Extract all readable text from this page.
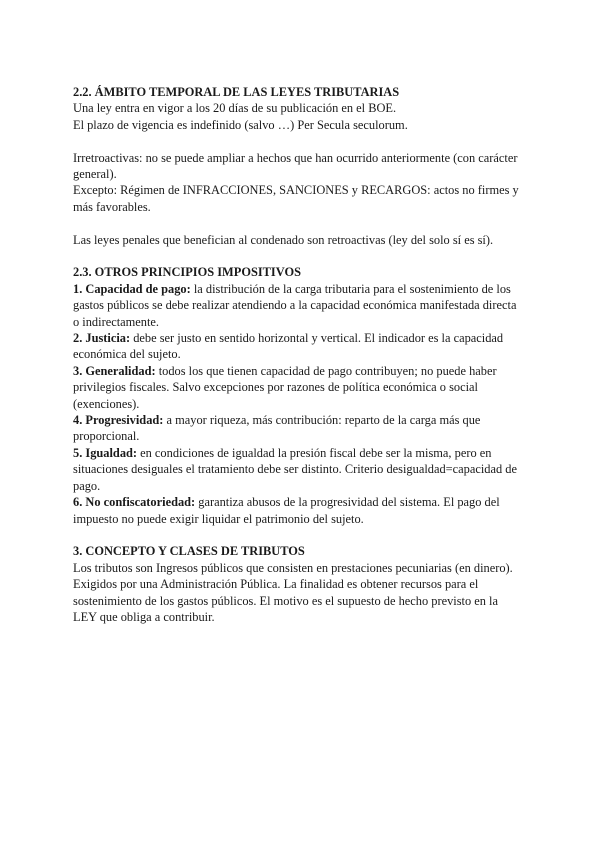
2.2. ÁMBITO TEMPORAL DE LAS LEYES TRIBUTARIAS

Una ley entra en vigor a los 20 días de su publicación en el BOE.

El plazo de vigencia es indefinido (salvo …) Per Secula seculorum.

Irretroactivas: no se puede ampliar a hechos que han ocurrido anteriormente (con carácter general).

Excepto: Régimen de INFRACCIONES, SANCIONES y RECARGOS: actos no firmes y más favorables.

Las leyes penales que benefician al condenado son retroactivas (ley del solo sí es sí).

2.3. OTROS PRINCIPIOS IMPOSITIVOS

1. Capacidad de pago: la distribución de la carga tributaria para el sostenimiento de los gastos públicos se debe realizar atendiendo a la capacidad económica manifestada directa o indirectamente.

2. Justicia: debe ser justo en sentido horizontal y vertical. El indicador es la capacidad económica del sujeto.

3. Generalidad: todos los que tienen capacidad de pago contribuyen; no puede haber privilegios fiscales. Salvo excepciones por razones de política económica o social (exenciones).

4. Progresividad: a mayor riqueza, más contribución: reparto de la carga más que proporcional.

5. Igualdad: en condiciones de igualdad la presión fiscal debe ser la misma, pero en situaciones desiguales el tratamiento debe ser distinto. Criterio desigualdad=capacidad de pago.

6. No confiscatoriedad: garantiza abusos de la progresividad del sistema. El pago del impuesto no puede exigir liquidar el patrimonio del sujeto.

3. CONCEPTO Y CLASES DE TRIBUTOS

Los tributos son Ingresos públicos que consisten en prestaciones pecuniarias (en dinero). Exigidos por una Administración Pública. La finalidad es obtener recursos para el sostenimiento de los gastos públicos. El motivo es el supuesto de hecho previsto en la LEY que obliga a contribuir.
